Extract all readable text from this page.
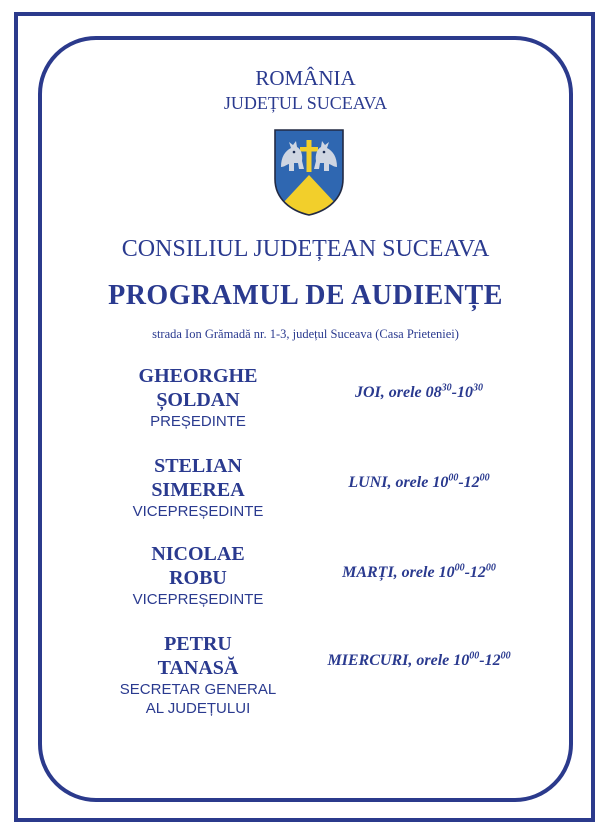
ROMÂNIA
JUDEȚUL SUCEAVA
CONSILIUL JUDEȚEAN SUCEAVA
PROGRAMUL DE AUDIENȚE
strada Ion Grămadă nr. 1-3, județul Suceava (Casa Prieteniei)
GHEORGHE
ȘOLDAN
PREȘEDINTE
JOI, orele $08^{30}-10^{30}$
STELIAN
SIMEREA
VICEPREȘEDINTE
LUNI, orele $10^{00}-12^{00}$
NICOLAE
ROBU
VICEPREȘEDINTE
MARȚI, orele $10^{00}-12^{00}$
PETRU
TANASĂ
SECRETAR GENERAL
AL JUDEȚULUI
MIERCURI, orele $10^{00}-12^{00}$
